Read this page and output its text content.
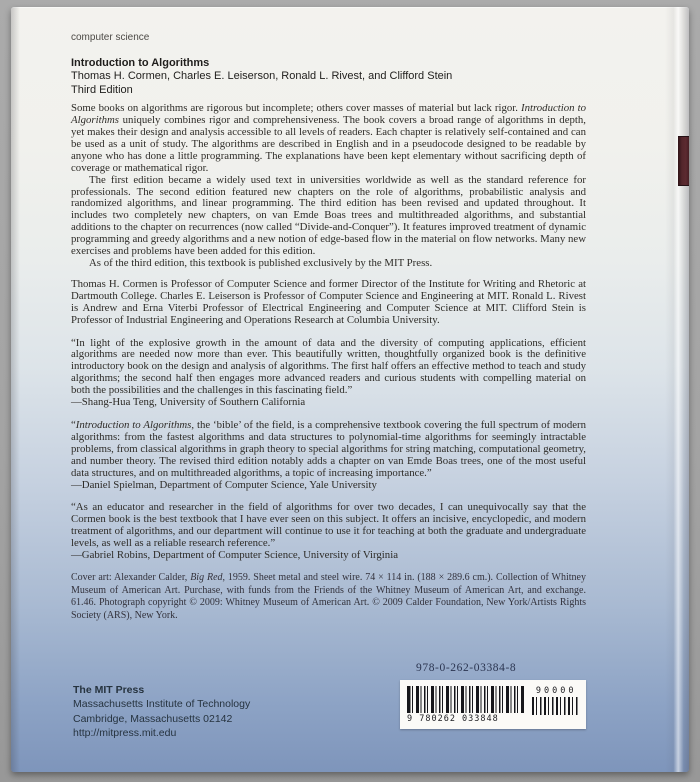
computer science
Introduction to Algorithms
Thomas H. Cormen, Charles E. Leiserson, Ronald L. Rivest, and Clifford Stein
Third Edition

Some books on algorithms are rigorous but incomplete; others cover masses of material but lack rigor. Introduction to Algorithms uniquely combines rigor and comprehensiveness. The book covers a broad range of algorithms in depth, yet makes their design and analysis accessible to all levels of readers. Each chapter is relatively self-contained and can be used as a unit of study. The algorithms are described in English and in a pseudocode designed to be readable by anyone who has done a little programming. The explanations have been kept elementary without sacrificing depth of coverage or mathematical rigor.

The first edition became a widely used text in universities worldwide as well as the standard reference for professionals. The second edition featured new chapters on the role of algorithms, probabilistic analysis and randomized algorithms, and linear programming. The third edition has been revised and updated throughout. It includes two completely new chapters, on van Emde Boas trees and multithreaded algorithms, and substantial additions to the chapter on recurrences (now called “Divide-and-Conquer”). It features improved treatment of dynamic programming and greedy algorithms and a new notion of edge-based flow in the material on flow networks. Many new exercises and problems have been added for this edition.

As of the third edition, this textbook is published exclusively by the MIT Press.

Thomas H. Cormen is Professor of Computer Science and former Director of the Institute for Writing and Rhetoric at Dartmouth College. Charles E. Leiserson is Professor of Computer Science and Engineering at MIT. Ronald L. Rivest is Andrew and Erna Viterbi Professor of Electrical Engineering and Computer Science at MIT. Clifford Stein is Professor of Industrial Engineering and Operations Research at Columbia University.

“In light of the explosive growth in the amount of data and the diversity of computing applications, efficient algorithms are needed now more than ever. This beautifully written, thoughtfully organized book is the definitive introductory book on the design and analysis of algorithms. The first half offers an effective method to teach and study algorithms; the second half then engages more advanced readers and curious students with compelling material on both the possibilities and the challenges in this fascinating field.”

—Shang-Hua Teng, University of Southern California

“Introduction to Algorithms, the ‘bible’ of the field, is a comprehensive textbook covering the full spectrum of modern algorithms: from the fastest algorithms and data structures to polynomial-time algorithms for seemingly intractable problems, from classical algorithms in graph theory to special algorithms for string matching, computational geometry, and number theory. The revised third edition notably adds a chapter on van Emde Boas trees, one of the most useful data structures, and on multithreaded algorithms, a topic of increasing importance.”

—Daniel Spielman, Department of Computer Science, Yale University

“As an educator and researcher in the field of algorithms for over two decades, I can unequivocally say that the Cormen book is the best textbook that I have ever seen on this subject. It offers an incisive, encyclopedic, and modern treatment of algorithms, and our department will continue to use it for teaching at both the graduate and undergraduate levels, as well as a reliable research reference.”

—Gabriel Robins, Department of Computer Science, University of Virginia

Cover art: Alexander Calder, Big Red, 1959. Sheet metal and steel wire. 74 × 114 in. (188 × 289.6 cm.). Collection of Whitney Museum of American Art. Purchase, with funds from the Friends of the Whitney Museum of American Art, and exchange. 61.46. Photograph copyright © 2009: Whitney Museum of American Art. © 2009 Calder Foundation, New York/Artists Rights Society (ARS), New York.

The MIT Press
Massachusetts Institute of Technology
Cambridge, Massachusetts 02142
http://mitpress.mit.edu
978-0-262-03384-8
9 780262 033848
90000
